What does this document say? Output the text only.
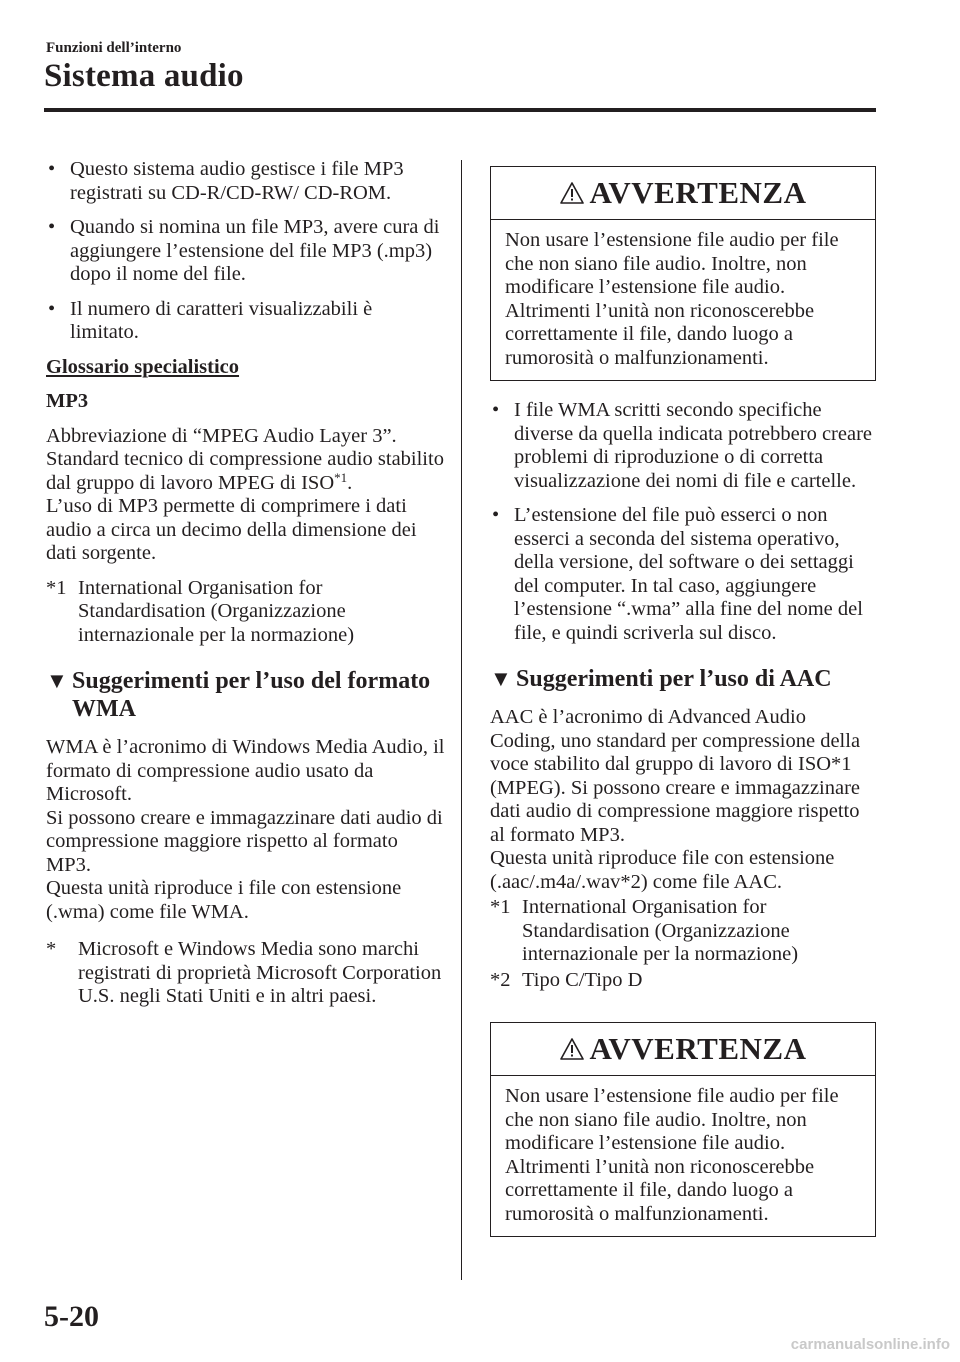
Funzioni dell’interno
Sistema audio
• Questo sistema audio gestisce i file MP3 registrati su CD-R/CD-RW/ CD-ROM.
• Quando si nomina un file MP3, avere cura di aggiungere l’estensione del file MP3 (.mp3) dopo il nome del file.
• Il numero di caratteri visualizzabili è limitato.
Glossario specialistico
MP3
Abbreviazione di “MPEG Audio Layer 3”. Standard tecnico di compressione audio stabilito dal gruppo di lavoro MPEG di ISO$^{*1}$.
L’uso di MP3 permette di comprimere i dati audio a circa un decimo della dimensione dei dati sorgente.
*1 International Organisation for Standardisation (Organizzazione internazionale per la normazione)
▼ Suggerimenti per l’uso del formato WMA
WMA è l’acronimo di Windows Media Audio, il formato di compressione audio usato da Microsoft.
Si possono creare e immagazzinare dati audio di compressione maggiore rispetto al formato MP3.
Questa unità riproduce i file con estensione (.wma) come file WMA.
* Microsoft e Windows Media sono marchi registrati di proprietà Microsoft Corporation U.S. negli Stati Uniti e in altri paesi.
AVVERTENZA
Non usare l’estensione file audio per file che non siano file audio. Inoltre, non modificare l’estensione file audio. Altrimenti l’unità non riconoscerebbe correttamente il file, dando luogo a rumorosità o malfunzionamenti.
• I file WMA scritti secondo specifiche diverse da quella indicata potrebbero creare problemi di riproduzione o di corretta visualizzazione dei nomi di file e cartelle.
• L’estensione del file può esserci o non esserci a seconda del sistema operativo, della versione, del software o dei settaggi del computer. In tal caso, aggiungere l’estensione “.wma” alla fine del nome del file, e quindi scriverla sul disco.
▼ Suggerimenti per l’uso di AAC
AAC è l’acronimo di Advanced Audio Coding, uno standard per compressione della voce stabilito dal gruppo di lavoro di ISO*1 (MPEG). Si possono creare e immagazzinare dati audio di compressione maggiore rispetto al formato MP3.
Questa unità riproduce file con estensione (.aac/.m4a/.wav*2) come file AAC.
*1 International Organisation for Standardisation (Organizzazione internazionale per la normazione)
*2 Tipo C/Tipo D
AVVERTENZA
Non usare l’estensione file audio per file che non siano file audio. Inoltre, non modificare l’estensione file audio. Altrimenti l’unità non riconoscerebbe correttamente il file, dando luogo a rumorosità o malfunzionamenti.
5-20
carmanualsonline.info
